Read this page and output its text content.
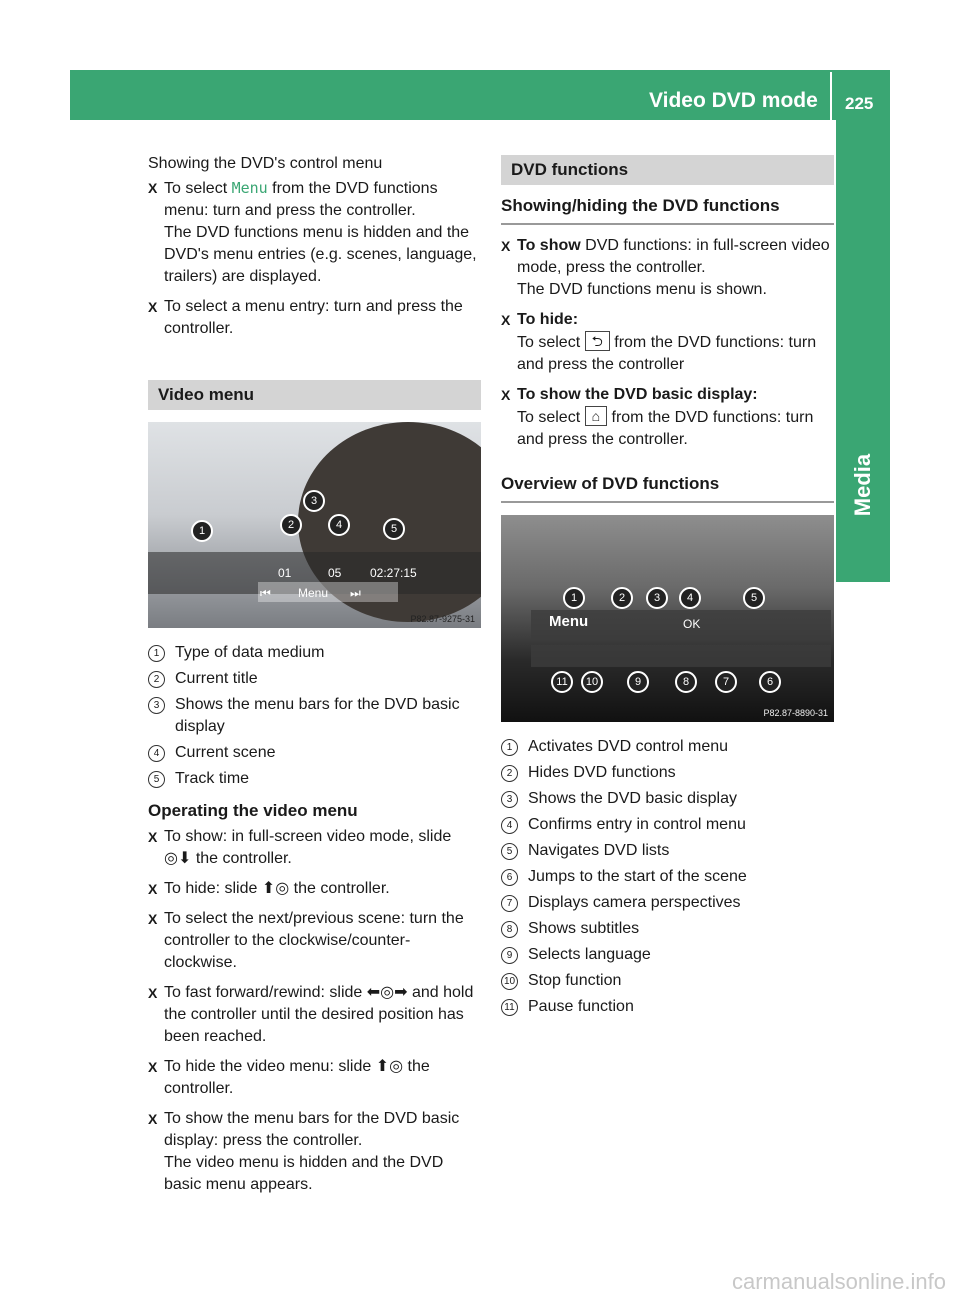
Video DVD mode 225
Media

Showing the DVD's control menu

X To select Menu from the DVD functions menu: turn and press the controller.
The DVD functions menu is hidden and the DVD's menu entries (e.g. scenes, language, trailers) are displayed.
X To select a menu entry: turn and press the controller.
Video menu
01	05 02:27:15
⏮ Menu ⏭
1	2
3
4	5
P82.87-9275-31
1 Type of data medium
2 Current title
3 Shows the menu bars for the DVD basic display
4 Current scene
5 Track time
Operating the video menu
X To show: in full-screen video mode, slide ◎⬇ the controller.
X To hide: slide ⬆◎ the controller.
X To select the next/previous scene: turn the controller to the clockwise/counter-clockwise.
X To fast forward/rewind: slide ⬅◎➡ and hold the controller until the desired position has been reached.
X To hide the video menu: slide ⬆◎ the controller.
X To show the menu bars for the DVD basic display: press the controller.
The video menu is hidden and the DVD basic menu appears.
DVD functions
Showing/hiding the DVD functions
X To show DVD functions: in full-screen video mode, press the controller.
The DVD functions menu is shown.
X To hide:
To select ⮌ from the DVD functions: turn and press the controller
X To show the DVD basic display:
To select ⌂ from the DVD functions: turn and press the controller.
Overview of DVD functions
Menu	OK
1	2	3	4	5
11	10	9	8	7	6
P82.87-8890-31
1 Activates DVD control menu
2 Hides DVD functions
3 Shows the DVD basic display
4 Confirms entry in control menu
5 Navigates DVD lists
6 Jumps to the start of the scene
7 Displays camera perspectives
8 Shows subtitles
9 Selects language
10 Stop function
11 Pause function
carmanualsonline.info
